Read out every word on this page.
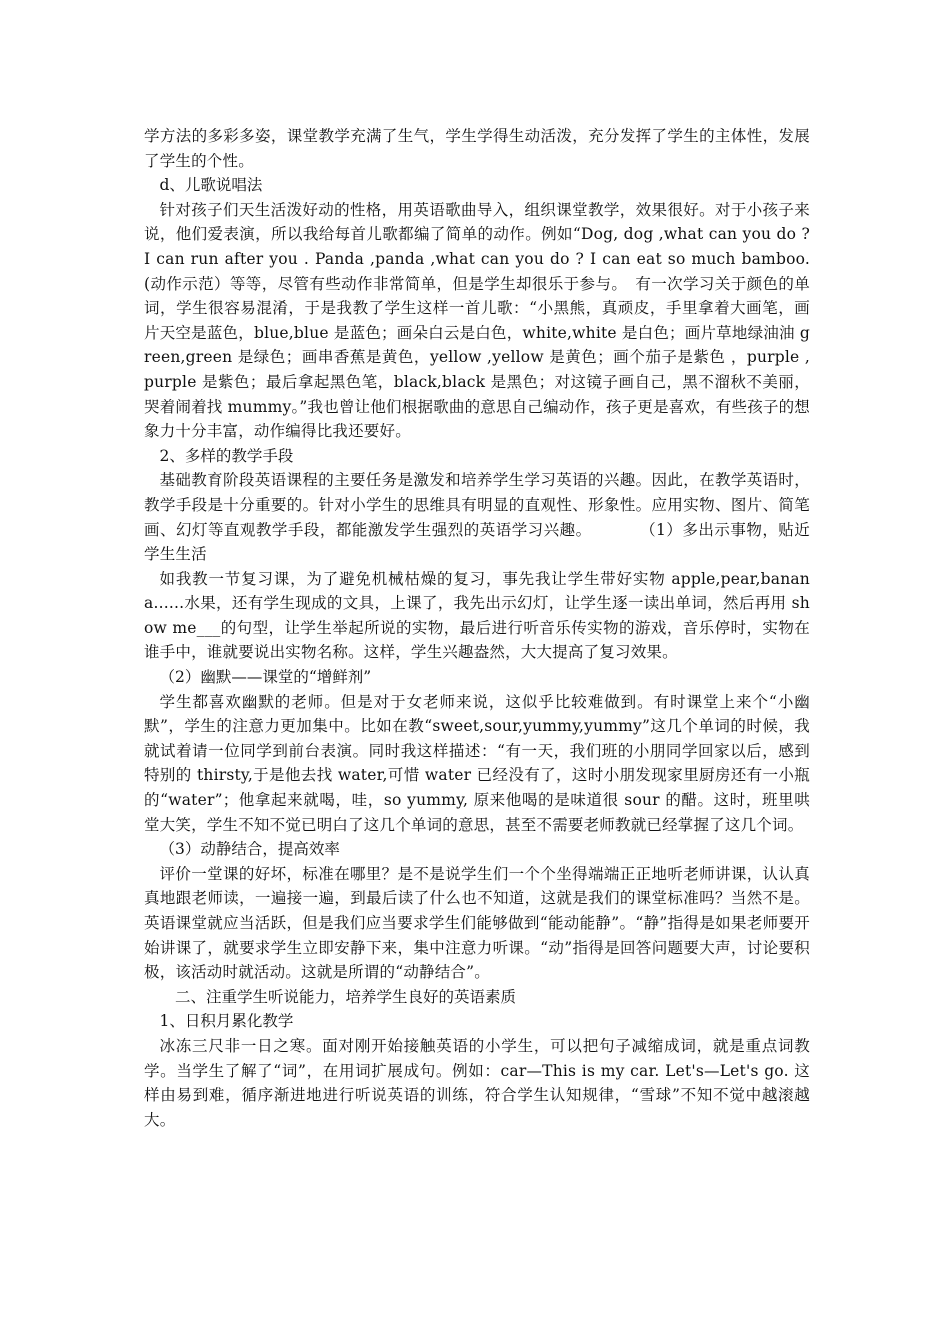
学方法的多彩多姿，课堂教学充满了生气，学生学得生动活泼，充分发挥了学生的主体性，发展了学生的个性。

d、儿歌说唱法

针对孩子们天生活泼好动的性格，用英语歌曲导入，组织课堂教学，效果很好。对于小孩子来说，他们爱表演，所以我给每首儿歌都编了简单的动作。例如“Dog, dog ,what can you do ?I can run after you . Panda ,panda ,what can you do ? I can eat so much bamboo.(动作示范）等等，尽管有些动作非常简单，但是学生却很乐于参与。　有一次学习关于颜色的单词，学生很容易混淆，于是我教了学生这样一首儿歌：“小黑熊，真顽皮，手里拿着大画笔，画片天空是蓝色，blue,blue 是蓝色；画朵白云是白色，white,white 是白色；画片草地绿油油 green,green 是绿色；画串香蕉是黄色，yellow ,yellow 是黄色；画个茄子是紫色 ，purple ,purple 是紫色；最后拿起黑色笔，black,black 是黑色；对这镜子画自己，黑不溜秋不美丽，哭着闹着找 mummy。”我也曾让他们根据歌曲的意思自己编动作，孩子更是喜欢，有些孩子的想象力十分丰富，动作编得比我还要好。

2、多样的教学手段

基础教育阶段英语课程的主要任务是激发和培养学生学习英语的兴趣。因此，在教学英语时，教学手段是十分重要的。针对小学生的思维具有明显的直观性、形象性。应用实物、图片、简笔画、幻灯等直观教学手段，都能激发学生强烈的英语学习兴趣。　　　　（1）多出示事物，贴近学生生活

如我教一节复习课，为了避免机械枯燥的复习，事先我让学生带好实物 apple,pear,banana......水果，还有学生现成的文具，上课了，我先出示幻灯，让学生逐一读出单词，然后再用 show me___的句型，让学生举起所说的实物，最后进行听音乐传实物的游戏，音乐停时，实物在谁手中，谁就要说出实物名称。这样，学生兴趣盎然，大大提高了复习效果。

（2）幽默——课堂的“增鲜剂”

学生都喜欢幽默的老师。但是对于女老师来说，这似乎比较难做到。有时课堂上来个“小幽默”，学生的注意力更加集中。比如在教“sweet,sour,yummy,yummy”这几个单词的时候，我就试着请一位同学到前台表演。同时我这样描述：“有一天，我们班的小朋同学回家以后，感到特别的 thirsty,于是他去找 water,可惜 water 已经没有了，这时小朋发现家里厨房还有一小瓶的“water”；他拿起来就喝，哇，so yummy, 原来他喝的是味道很 sour 的醋。这时，班里哄堂大笑，学生不知不觉已明白了这几个单词的意思，甚至不需要老师教就已经掌握了这几个词。

（3）动静结合，提高效率

评价一堂课的好坏，标准在哪里？是不是说学生们一个个坐得端端正正地听老师讲课，认认真真地跟老师读，一遍接一遍，到最后读了什么也不知道，这就是我们的课堂标准吗？当然不是。英语课堂就应当活跃，但是我们应当要求学生们能够做到“能动能静”。“静”指得是如果老师要开始讲课了，就要求学生立即安静下来，集中注意力听课。“动”指得是回答问题要大声，讨论要积极，该活动时就活动。这就是所谓的“动静结合”。

二、注重学生听说能力，培养学生良好的英语素质

1、日积月累化教学

冰冻三尺非一日之寒。面对刚开始接触英语的小学生，可以把句子减缩成词，就是重点词教学。当学生了解了“词”，在用词扩展成句。例如：car—This is my car. Let's—Let's go. 这样由易到难，循序渐进地进行听说英语的训练，符合学生认知规律，“雪球”不知不觉中越滚越大。
